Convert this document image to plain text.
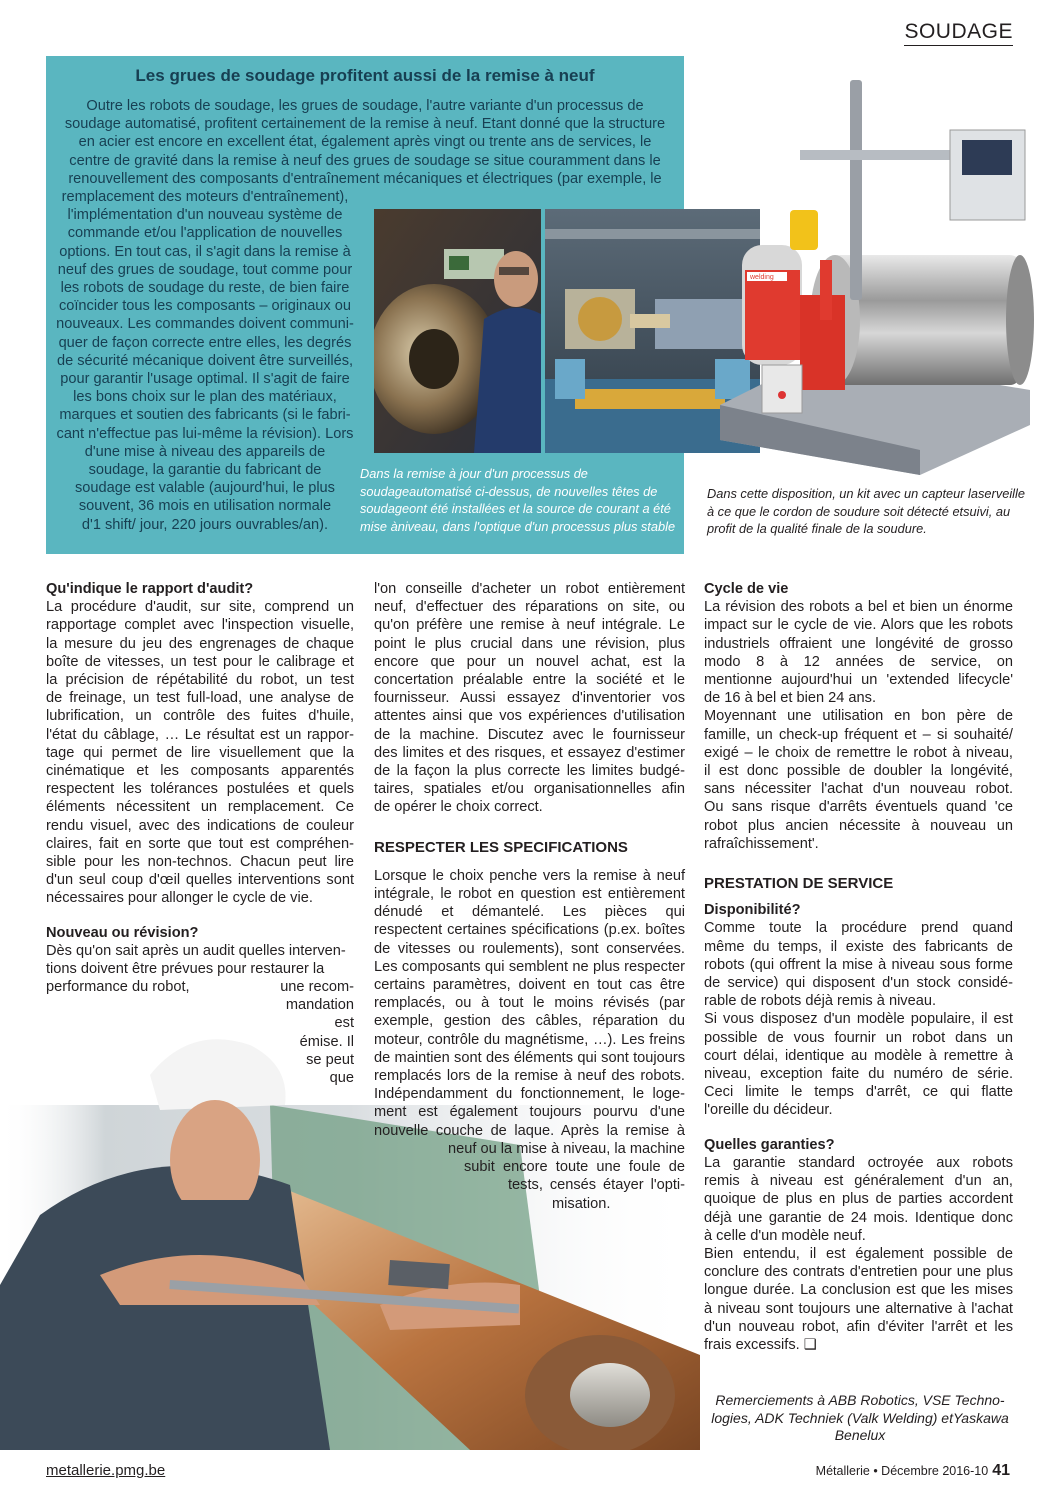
SOUDAGE
Les grues de soudage profitent aussi de la remise à neuf
Outre les robots de soudage, les grues de soudage, l'autre variante d'un processus de
soudage automatisé, profitent certainement de la remise à neuf. Etant donné que la structure
en acier est encore en excellent état, également après vingt ou trente ans de services, le
centre de gravité dans la remise à neuf des grues de soudage se situe couramment dans le
renouvellement des composants d'entraînement mécaniques et électriques (par exemple, le
remplacement des moteurs d'entraînement),
l'implémentation d'un nouveau système de
commande et/ou l'application de nouvelles
options. En tout cas, il s'agit dans la remise à
neuf des grues de soudage, tout comme pour
les robots de soudage du reste, de bien faire
coïncider tous les composants – originaux ou
nouveaux. Les commandes doivent communi-
quer de façon correcte entre elles, les degrés
de sécurité mécanique doivent être surveillés,
pour garantir l'usage optimal. Il s'agit de faire
les bons choix sur le plan des matériaux,
marques et soutien des fabricants (si le fabri-
cant n'effectue pas lui-même la révision). Lors
d'une mise à niveau des appareils de
soudage, la garantie du fabricant de
soudage est valable (aujourd'hui, le plus
souvent, 36 mois en utilisation normale
d'1 shift/ jour, 220 jours ouvrables/an).
Dans la remise à jour d'un processus de soudageautomatisé ci-dessus, de nouvelles têtes de soudageont été installées et la source de courant a été mise àniveau, dans l'optique d'un processus plus stable
welding
Dans cette disposition, un kit avec un capteur laserveille à ce que le cordon de soudure soit détecté etsuivi, au profit de la qualité finale de la soudure.
Qu'indique le rapport d'audit?
La procédure d'audit, sur site, comprend un
rapportage complet avec l'inspection visuelle,
la mesure du jeu des engrenages de chaque
boîte de vitesses, un test pour le calibrage et
la précision de répétabilité du robot, un test
de freinage, un test full-load, une analyse de
lubrification, un contrôle des fuites d'huile,
l'état du câblage, … Le résultat est un rappor-
tage qui permet de lire visuellement que la
cinématique et les composants apparentés
respectent les tolérances postulées et quels
éléments nécessitent un remplacement. Ce
rendu visuel, avec des indications de couleur
claires, fait en sorte que tout est compréhen-
sible pour les non-technos. Chacun peut lire
d'un seul coup d'œil quelles interventions sont
nécessaires pour allonger le cycle de vie.
Nouveau ou révision?
Dès qu'on sait après un audit quelles interven-
tions doivent être prévues pour restaurer la
performance du robot,	une recom-
mandation
est
émise. Il
se peut
que
l'on conseille d'acheter un robot entièrement
neuf, d'effectuer des réparations on site, ou
qu'on préfère une remise à neuf intégrale. Le
point le plus crucial dans une révision, plus
encore que pour un nouvel achat, est la
concertation préalable entre la société et le
fournisseur. Aussi essayez d'inventorier vos
attentes ainsi que vos expériences d'utilisation
de la machine. Discutez avec le fournisseur
des limites et des risques, et essayez d'estimer
de la façon la plus correcte les limites budgé-
taires, spatiales et/ou organisationnelles afin
de opérer le choix correct.
RESPECTER LES SPECIFICATIONS
Lorsque le choix penche vers la remise à neuf
intégrale, le robot en question est entièrement
dénudé et démantelé. Les pièces qui
respectent certaines spécifications (p.ex. boîtes
de vitesses ou roulements), sont conservées.
Les composants qui semblent ne plus respecter
certains paramètres, doivent en tout cas être
remplacés, ou à tout le moins révisés (par
exemple, gestion des câbles, réparation du
moteur, contrôle du magnétisme, …). Les freins
de maintien sont des éléments qui sont toujours
remplacés lors de la remise à neuf des robots.
Indépendamment du fonctionnement, le loge-
ment est également toujours pourvu d'une
nouvelle couche de laque. Après la remise à
neuf ou la mise à niveau, la machine
subit encore toute une foule de
tests, censés étayer l'opti-
misation.
Cycle de vie
La révision des robots a bel et bien un énorme
impact sur le cycle de vie. Alors que les robots
industriels offraient une longévité de grosso
modo 8 à 12 années de service, on
mentionne aujourd'hui un 'extended lifecycle'
de 16 à bel et bien 24 ans.
Moyennant une utilisation en bon père de
famille, un check-up fréquent et – si souhaité/
exigé – le choix de remettre le robot à niveau,
il est donc possible de doubler la longévité,
sans nécessiter l'achat d'un nouveau robot.
Ou sans risque d'arrêts éventuels quand 'ce
robot plus ancien nécessite à nouveau un
rafraîchissement'.
PRESTATION DE SERVICE
Disponibilité?
Comme toute la procédure prend quand
même du temps, il existe des fabricants de
robots (qui offrent la mise à niveau sous forme
de service) qui disposent d'un stock considé-
rable de robots déjà remis à niveau.
Si vous disposez d'un modèle populaire, il est
possible de vous fournir un robot dans un
court délai, identique au modèle à remettre à
niveau, exception faite du numéro de série.
Ceci limite le temps d'arrêt, ce qui flatte
l'oreille du décideur.
Quelles garanties?
La garantie standard octroyée aux robots
remis à niveau est généralement d'un an,
quoique de plus en plus de parties accordent
déjà une garantie de 24 mois. Identique donc
à celle d'un modèle neuf.
Bien entendu, il est également possible de
conclure des contrats d'entretien pour une plus
longue durée. La conclusion est que les mises
à niveau sont toujours une alternative à l'achat
d'un nouveau robot, afin d'éviter l'arrêt et les
frais excessifs. ❑
Remerciements à ABB Robotics, VSE Techno-logies, ADK Techniek (Valk Welding) etYaskawa Benelux
metallerie.pmg.be	Métallerie • Décembre 2016-10 41
